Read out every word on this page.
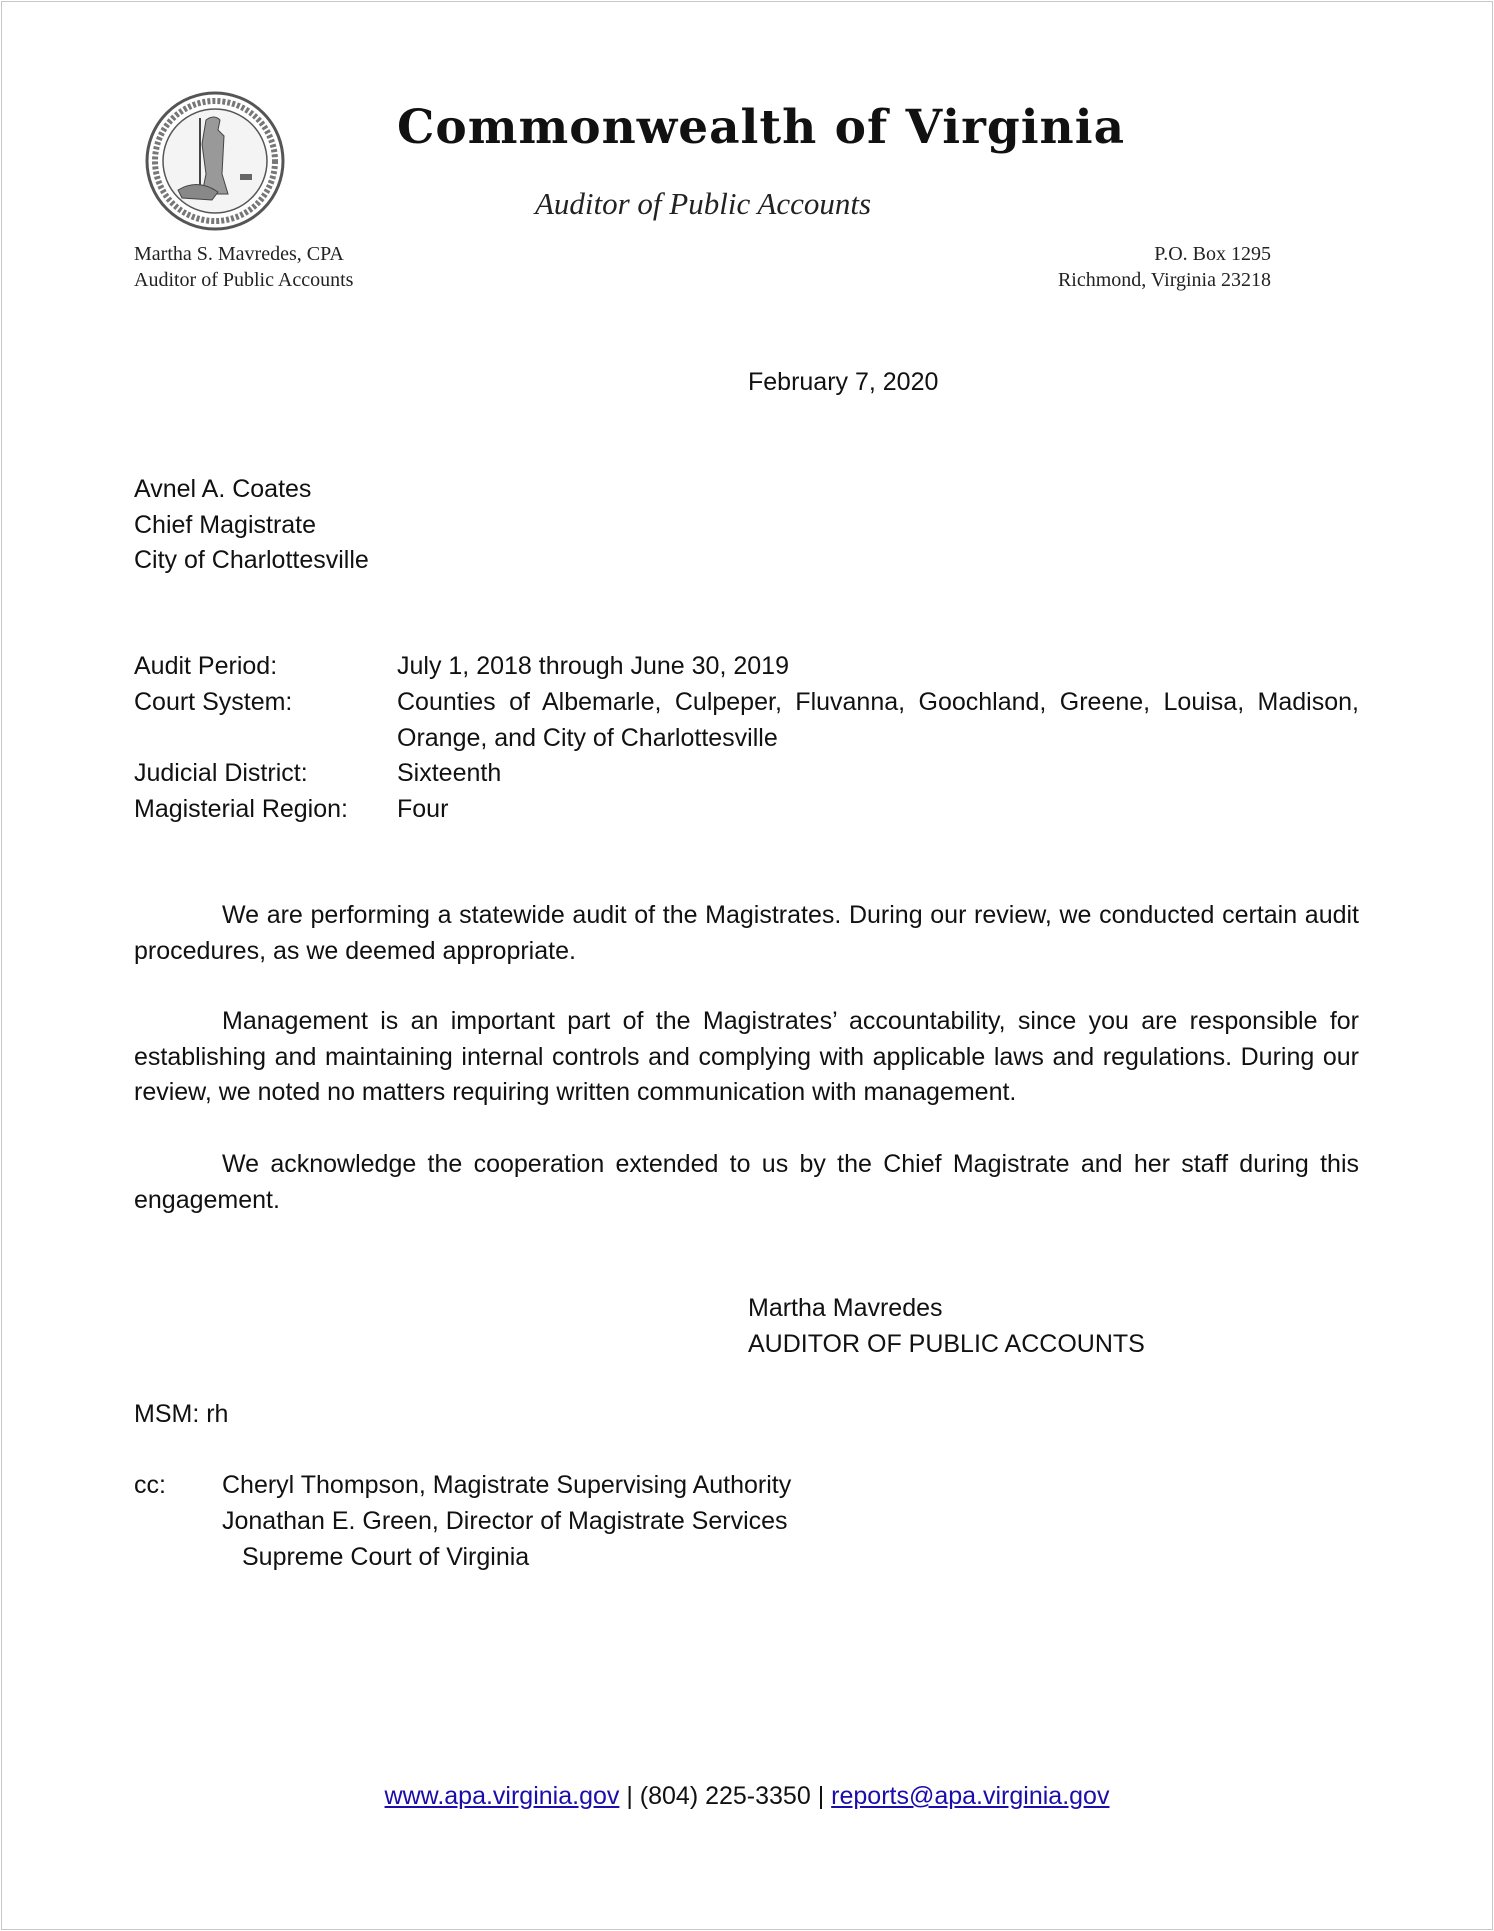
Commonwealth of Virginia
Auditor of Public Accounts
Martha S. Mavredes, CPA
Auditor of Public Accounts
P.O. Box 1295
Richmond, Virginia 23218
February 7, 2020
Avnel A. Coates
Chief Magistrate
City of Charlottesville
Audit Period:	July 1, 2018 through June 30, 2019
Court System:	Counties of Albemarle, Culpeper, Fluvanna, Goochland, Greene, Louisa, Madison,
Orange, and City of Charlottesville
Judicial District:	Sixteenth
Magisterial Region: Four
We are performing a statewide audit of the Magistrates. During our review, we conducted certain audit procedures, as we deemed appropriate.
Management is an important part of the Magistrates’ accountability, since you are responsible for establishing and maintaining internal controls and complying with applicable laws and regulations. During our review, we noted no matters requiring written communication with management.
We acknowledge the cooperation extended to us by the Chief Magistrate and her staff during this engagement.
Martha Mavredes
AUDITOR OF PUBLIC ACCOUNTS
MSM: rh
cc: Cheryl Thompson, Magistrate Supervising Authority
Jonathan E. Green, Director of Magistrate Services
Supreme Court of Virginia
www.apa.virginia.gov | (804) 225-3350 | reports@apa.virginia.gov
